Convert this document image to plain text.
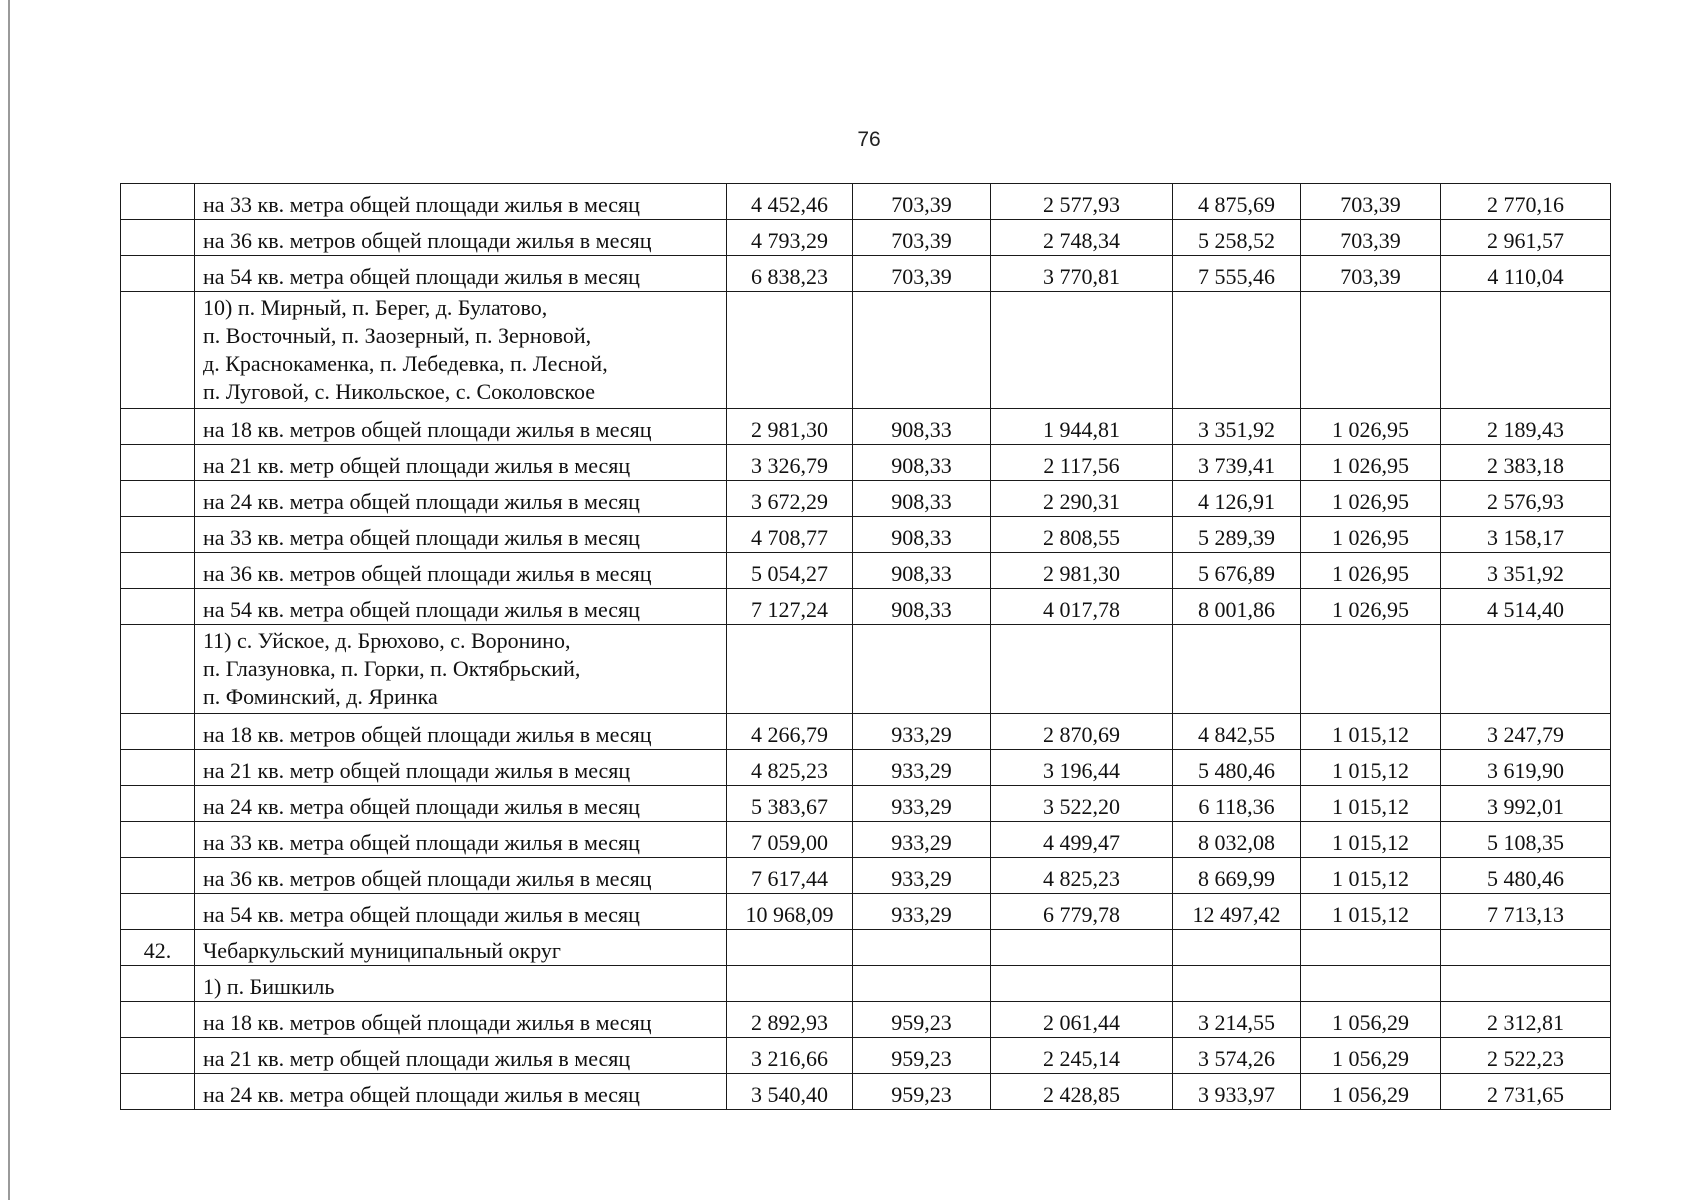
76
	на 33 кв. метра общей площади жилья в месяц	4 452,46	703,39	2 577,93	4 875,69	703,39	2 770,16
	на 36 кв. метров общей площади жилья в месяц	4 793,29	703,39	2 748,34	5 258,52	703,39	2 961,57
	на 54 кв. метра общей площади жилья в месяц	6 838,23	703,39	3 770,81	7 555,46	703,39	4 110,04

	10) п. Мирный, п. Берег, д. Булатово,
п. Восточный, п. Заозерный, п. Зерновой,
д. Краснокаменка, п. Лебедевка, п. Лесной,
п. Луговой, с. Никольское, с. Соколовское						

	на 18 кв. метров общей площади жилья в месяц	2 981,30	908,33	1 944,81	3 351,92	1 026,95	2 189,43
	на 21 кв. метр общей площади жилья в месяц	3 326,79	908,33	2 117,56	3 739,41	1 026,95	2 383,18
	на 24 кв. метра общей площади жилья в месяц	3 672,29	908,33	2 290,31	4 126,91	1 026,95	2 576,93
	на 33 кв. метра общей площади жилья в месяц	4 708,77	908,33	2 808,55	5 289,39	1 026,95	3 158,17
	на 36 кв. метров общей площади жилья в месяц	5 054,27	908,33	2 981,30	5 676,89	1 026,95	3 351,92
	на 54 кв. метра общей площади жилья в месяц	7 127,24	908,33	4 017,78	8 001,86	1 026,95	4 514,40

	11) с. Уйское, д. Брюхово, с. Воронино,
п. Глазуновка, п. Горки, п. Октябрьский,
п. Фоминский, д. Яринка						

	на 18 кв. метров общей площади жилья в месяц	4 266,79	933,29	2 870,69	4 842,55	1 015,12	3 247,79
	на 21 кв. метр общей площади жилья в месяц	4 825,23	933,29	3 196,44	5 480,46	1 015,12	3 619,90
	на 24 кв. метра общей площади жилья в месяц	5 383,67	933,29	3 522,20	6 118,36	1 015,12	3 992,01
	на 33 кв. метра общей площади жилья в месяц	7 059,00	933,29	4 499,47	8 032,08	1 015,12	5 108,35
	на 36 кв. метров общей площади жилья в месяц	7 617,44	933,29	4 825,23	8 669,99	1 015,12	5 480,46
	на 54 кв. метра общей площади жилья в месяц	10 968,09	933,29	6 779,78	12 497,42	1 015,12	7 713,13
42.	Чебаркульский муниципальный округ						
	1) п. Бишкиль						
	на 18 кв. метров общей площади жилья в месяц	2 892,93	959,23	2 061,44	3 214,55	1 056,29	2 312,81
	на 21 кв. метр общей площади жилья в месяц	3 216,66	959,23	2 245,14	3 574,26	1 056,29	2 522,23
	на 24 кв. метра общей площади жилья в месяц	3 540,40	959,23	2 428,85	3 933,97	1 056,29	2 731,65
